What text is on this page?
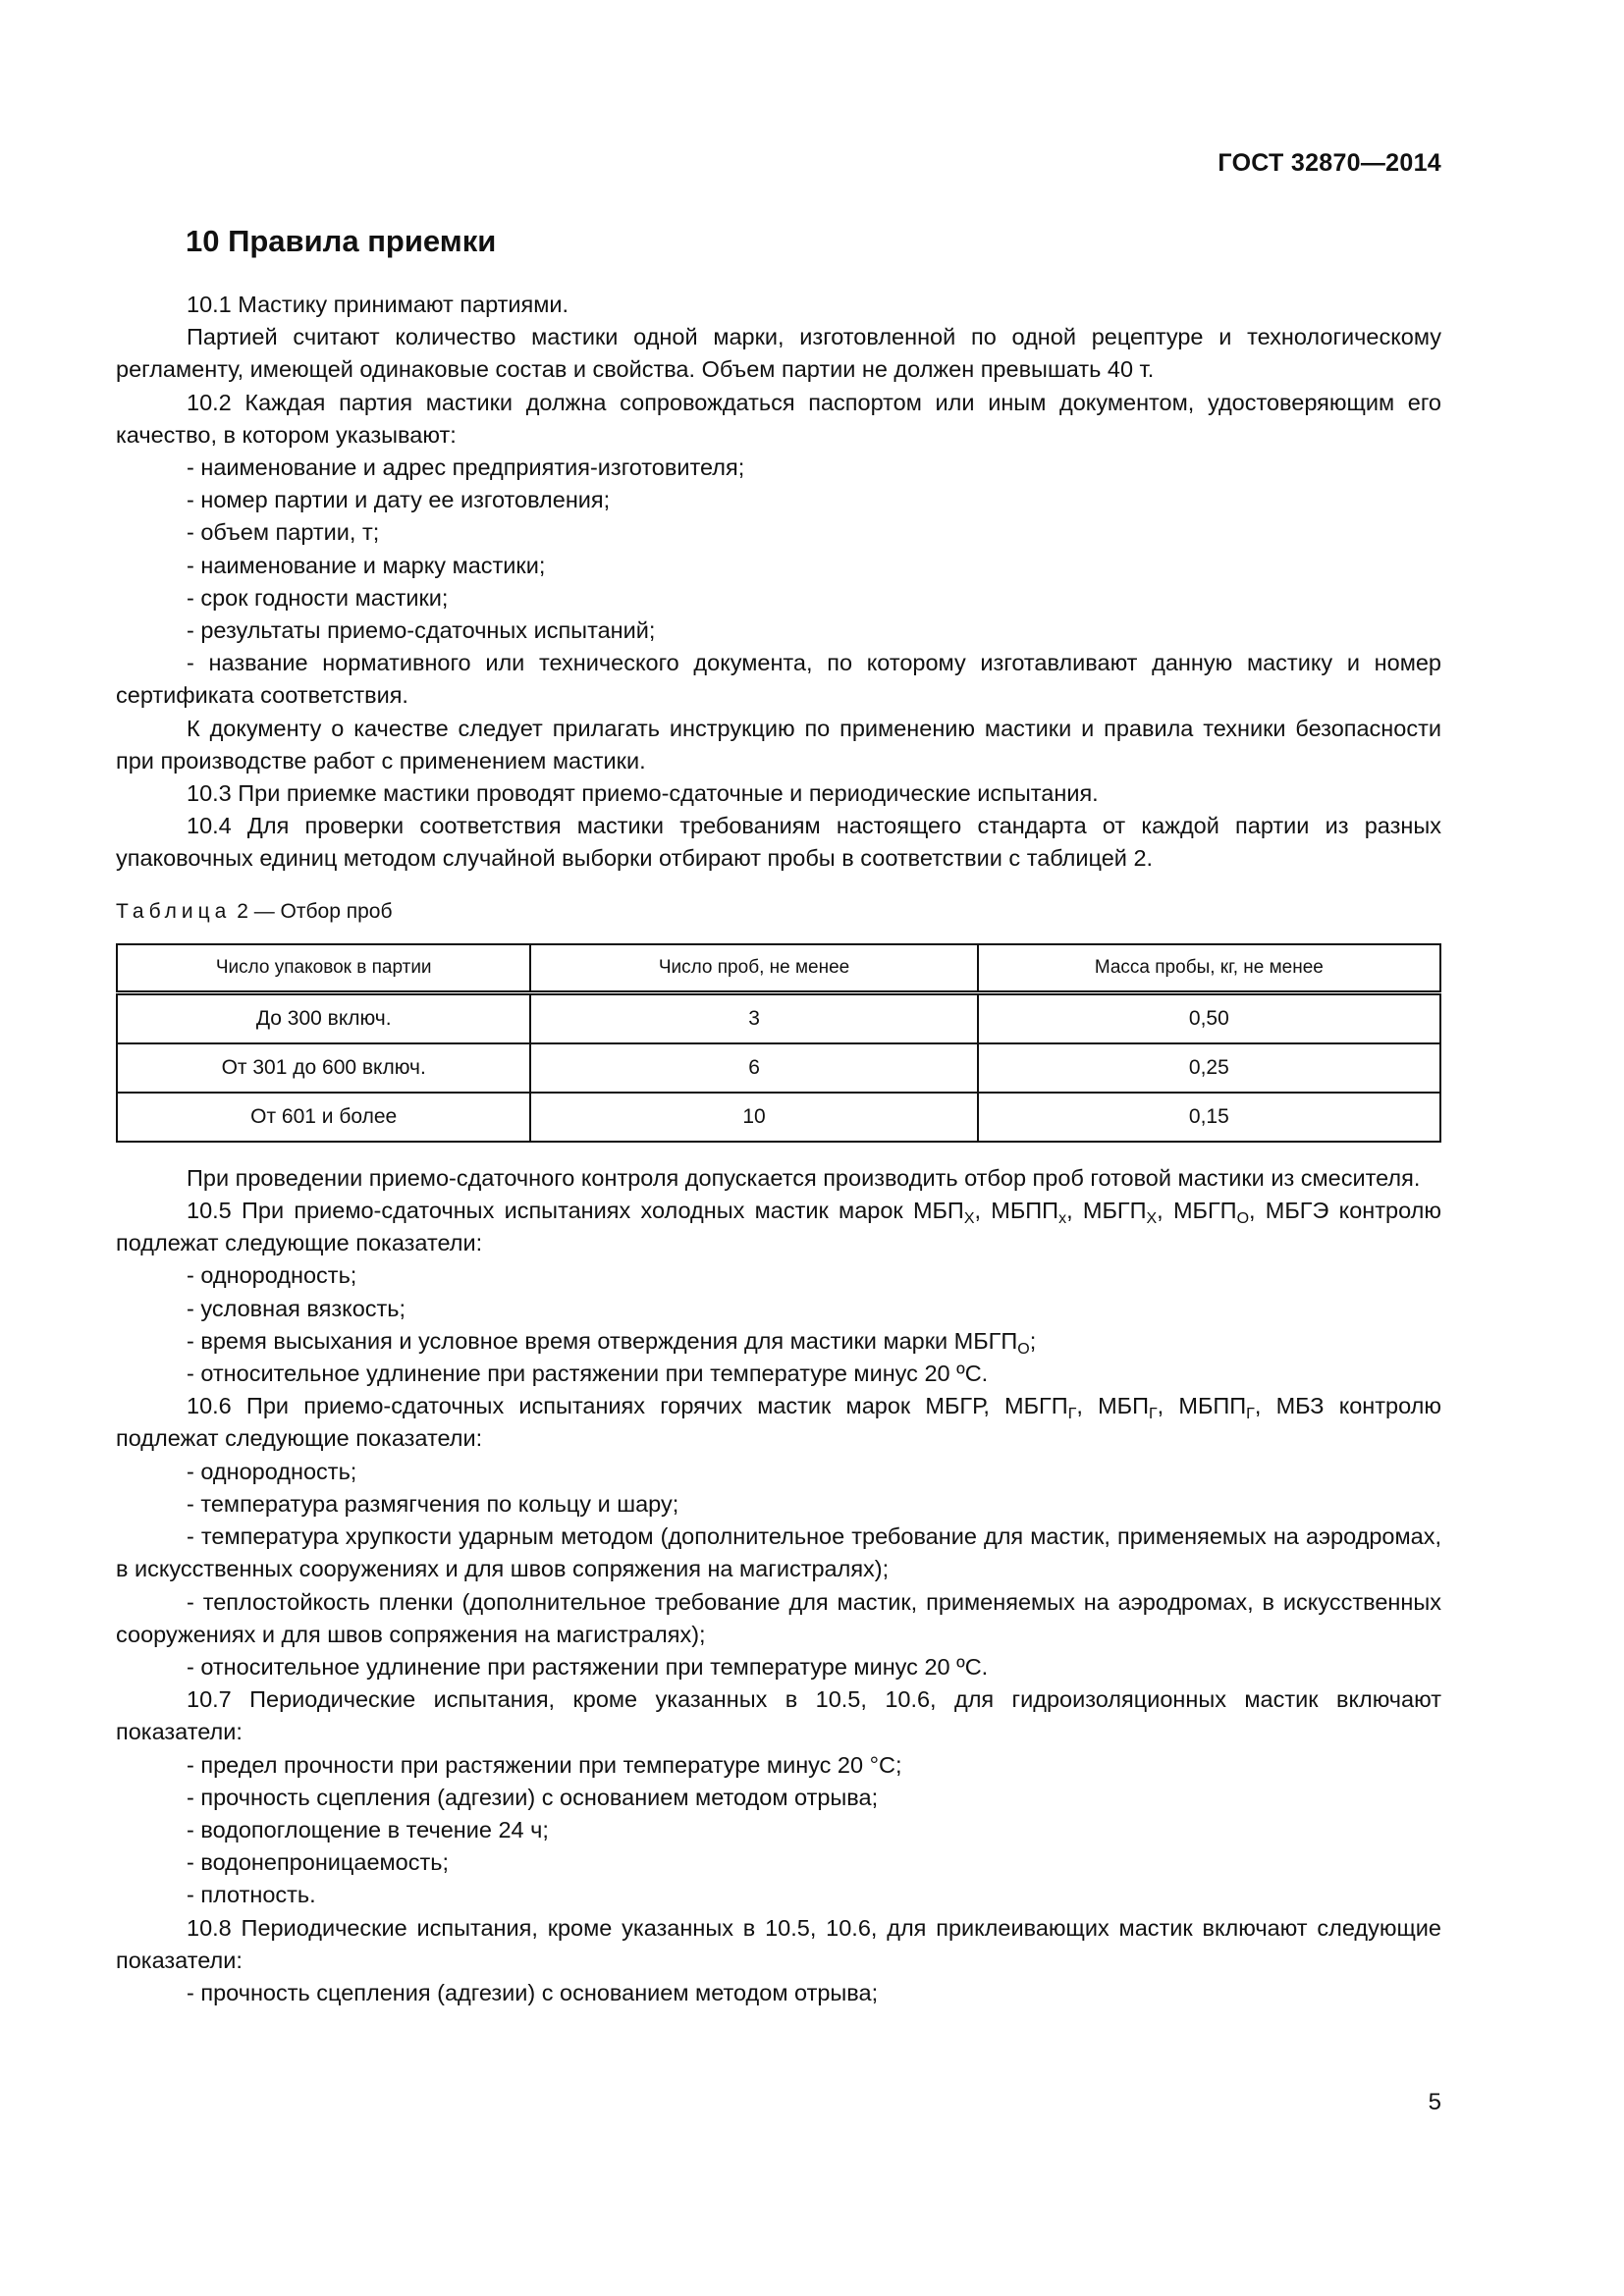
ГОСТ 32870—2014
10 Правила приемки

10.1 Мастику принимают партиями.

Партией считают количество мастики одной марки, изготовленной по одной рецептуре и технологическому регламенту, имеющей одинаковые состав и свойства. Объем партии не должен превышать 40 т.

10.2 Каждая партия мастики должна сопровождаться паспортом или иным документом, удостоверяющим его качество, в котором указывают:

- наименование и адрес предприятия-изготовителя;

- номер партии и дату ее изготовления;

- объем партии, т;

- наименование и марку мастики;

- срок годности мастики;

- результаты приемо-сдаточных испытаний;

- название нормативного или технического документа, по которому изготавливают данную мастику и номер сертификата соответствия.

К документу о качестве следует прилагать инструкцию по применению мастики и правила техники безопасности при производстве работ с применением мастики.

10.3 При приемке мастики проводят приемо-сдаточные и периодические испытания.

10.4 Для проверки соответствия мастики требованиям настоящего стандарта от каждой партии из разных упаковочных единиц методом случайной выборки отбирают пробы в соответствии с таблицей 2.

Таблица 2 — Отбор проб
Число упаковок в партии	Число проб, не менее	Масса пробы, кг, не менее
До 300 включ.	3	0,50
От 301 до 600 включ.	6	0,25
От 601 и более	10	0,15

При проведении приемо-сдаточного контроля допускается производить отбор проб готовой мастики из смесителя.

10.5 При приемо-сдаточных испытаниях холодных мастик марок $МБП_Х$, $МБПП_х$, $МБГП_Х$, $МБГП_О$, МБГЭ контролю подлежат следующие показатели:

- однородность;

- условная вязкость;

- время высыхания и условное время отверждения для мастики марки $МБГП_О$;

- относительное удлинение при растяжении при температуре минус 20 ºС.

10.6 При приемо-сдаточных испытаниях горячих мастик марок МБГР, $МБГП_Г$, $МБП_Г$, $МБПП_Г$, МБЗ контролю подлежат следующие показатели:

- однородность;

- температура размягчения по кольцу и шару;

- температура хрупкости ударным методом (дополнительное требование для мастик, применяемых на аэродромах, в искусственных сооружениях и для швов сопряжения на магистралях);

- теплостойкость пленки (дополнительное требование для мастик, применяемых на аэродромах, в искусственных сооружениях и для швов сопряжения на магистралях);

- относительное удлинение при растяжении при температуре минус 20 ºС.

10.7 Периодические испытания, кроме указанных в 10.5, 10.6, для гидроизоляционных мастик включают показатели:

- предел прочности при растяжении при температуре минус 20 °С;

- прочность сцепления (адгезии) с основанием методом отрыва;

- водопоглощение в течение 24 ч;

- водонепроницаемость;

- плотность.

10.8 Периодические испытания, кроме указанных в 10.5, 10.6, для приклеивающих мастик включают следующие показатели:

- прочность сцепления (адгезии) с основанием методом отрыва;

5
